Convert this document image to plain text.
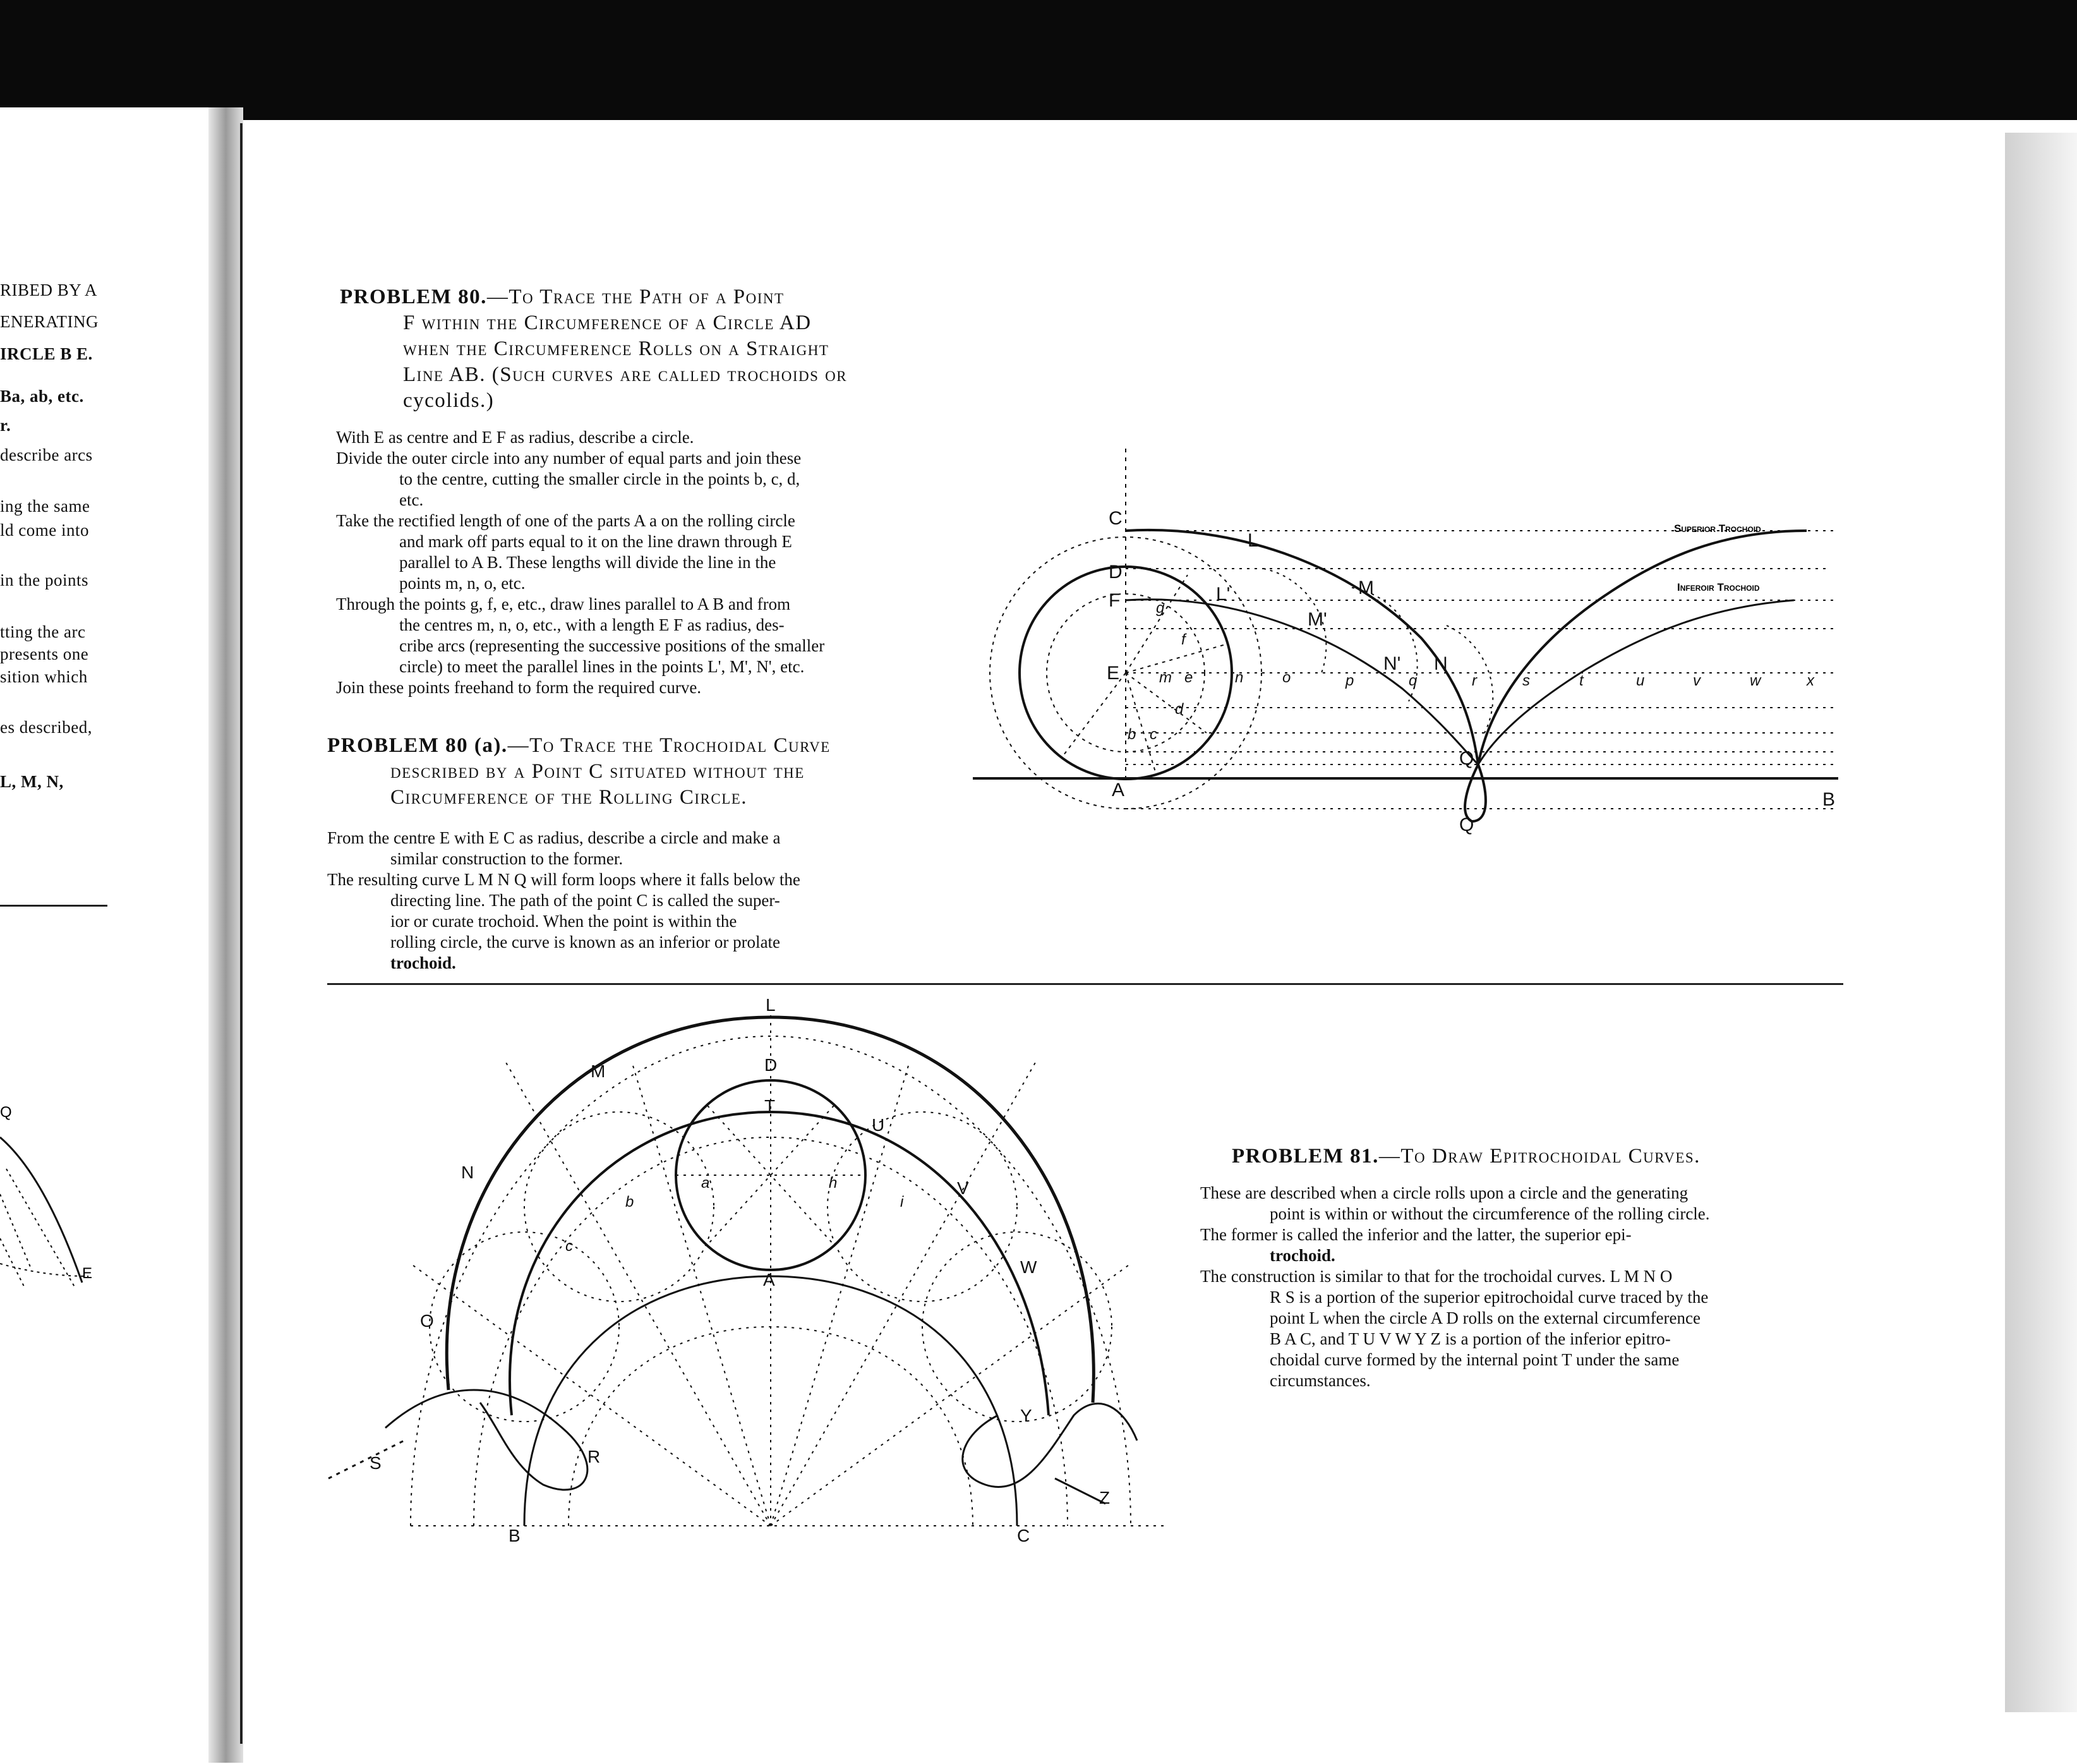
RIBED BY A
ENERATING
IRCLE B E.
Ba, ab, etc.
r.
describe arcs
ing the same
ld come into
in the points
tting the arc
presents one
sition which
es described,
L, M, N,
Q
E
PROBLEM 80.—To Trace the Path of a Point
F within the Circumference of a Circle AD
when the Circumference Rolls on a Straight
Line AB. (Such curves are called trochoids or
cycolids.)
With E as centre and E F as radius, describe a circle.
Divide the outer circle into any number of equal parts and join these
to the centre, cutting the smaller circle in the points b, c, d,
etc.
Take the rectified length of one of the parts A a on the rolling circle
and mark off parts equal to it on the line drawn through E
parallel to A B. These lengths will divide the line in the
points m, n, o, etc.
Through the points g, f, e, etc., draw lines parallel to A B and from
the centres m, n, o, etc., with a length E F as radius, des-
cribe arcs (representing the successive positions of the smaller
circle) to meet the parallel lines in the points L', M', N', etc.
Join these points freehand to form the required curve.
PROBLEM 80 (a).—To Trace the Trochoidal Curve
described by a Point C situated without the
Circumference of the Rolling Circle.
From the centre E with E C as radius, describe a circle and make a
similar construction to the former.
The resulting curve L M N Q will form loops where it falls below the
directing line. The path of the point C is called the super-
ior or curate trochoid. When the point is within the
rolling circle, the curve is known as an inferior or prolate
trochoid.
PROBLEM 81.—To Draw Epitrochoidal Curves.
These are described when a circle rolls upon a circle and the generating
point is within or without the circumference of the rolling circle.
The former is called the inferior and the latter, the superior epi-
trochoid.
The construction is similar to that for the trochoidal curves. L M N O
R S is a portion of the superior epitrochoidal curve traced by the
point L when the circle A D rolls on the external circumference
B A C, and T U V W Y Z is a portion of the inferior epitro-
choidal curve formed by the internal point T under the same
circumstances.
C
D
F
E
A	B
L
L'	M
M'
N
N'
Q
Q
g
f
e
d
c
b
m	n	o	p	q	r	s	t	u	v	w	x
Superior Trochoid
Inferoir Trochoid
L
M
N
O
R
S
D
T
U
V
W
Y
Z
A
B	C
a
b
c
h
i
